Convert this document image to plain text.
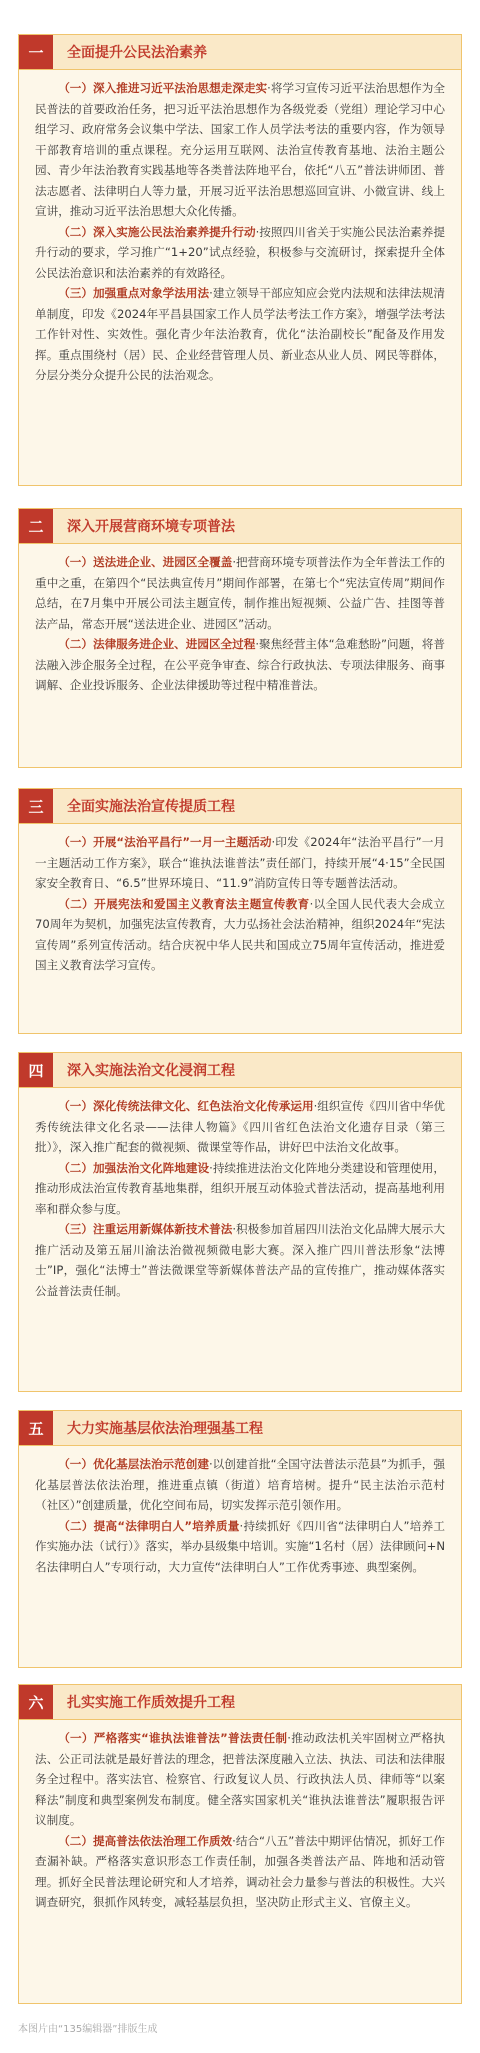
一	全面提升公民法治素养

（一）深入推进习近平法治思想走深走实·将学习宣传习近平法治思想作为全民普法的首要政治任务，把习近平法治思想作为各级党委（党组）理论学习中心组学习、政府常务会议集中学法、国家工作人员学法考法的重要内容，作为领导干部教育培训的重点课程。充分运用互联网、法治宣传教育基地、法治主题公园、青少年法治教育实践基地等各类普法阵地平台，依托“八五”普法讲师团、普法志愿者、法律明白人等力量，开展习近平法治思想巡回宣讲、小微宣讲、线上宣讲，推动习近平法治思想大众化传播。

（二）深入实施公民法治素养提升行动·按照四川省关于实施公民法治素养提升行动的要求，学习推广“1+20”试点经验，积极参与交流研讨，探索提升全体公民法治意识和法治素养的有效路径。

（三）加强重点对象学法用法·建立领导干部应知应会党内法规和法律法规清单制度，印发《2024年平昌县国家工作人员学法考法工作方案》，增强学法考法工作针对性、实效性。强化青少年法治教育，优化“法治副校长”配备及作用发挥。重点围绕村（居）民、企业经营管理人员、新业态从业人员、网民等群体，分层分类分众提升公民的法治观念。

二	深入开展营商环境专项普法

（一）送法进企业、进园区全覆盖·把营商环境专项普法作为全年普法工作的重中之重，在第四个“民法典宣传月”期间作部署，在第七个“宪法宣传周”期间作总结，在7月集中开展公司法主题宣传，制作推出短视频、公益广告、挂图等普法产品，常态开展“送法进企业、进园区”活动。

（二）法律服务进企业、进园区全过程·聚焦经营主体“急难愁盼”问题，将普法融入涉企服务全过程，在公平竞争审查、综合行政执法、专项法律服务、商事调解、企业投诉服务、企业法律援助等过程中精准普法。

三	全面实施法治宣传提质工程

（一）开展“法治平昌行”一月一主题活动·印发《2024年“法治平昌行”一月一主题活动工作方案》，联合“谁执法谁普法”责任部门，持续开展“4·15”全民国家安全教育日、“6.5”世界环境日、“11.9”消防宣传日等专题普法活动。

（二）开展宪法和爱国主义教育法主题宣传教育·以全国人民代表大会成立70周年为契机，加强宪法宣传教育，大力弘扬社会法治精神，组织2024年“宪法宣传周”系列宣传活动。结合庆祝中华人民共和国成立75周年宣传活动，推进爱国主义教育法学习宣传。

四	深入实施法治文化浸润工程

（一）深化传统法律文化、红色法治文化传承运用·组织宣传《四川省中华优秀传统法律文化名录——法律人物篇》《四川省红色法治文化遗存目录（第三批）》，深入推广配套的微视频、微课堂等作品，讲好巴中法治文化故事。

（二）加强法治文化阵地建设·持续推进法治文化阵地分类建设和管理使用，推动形成法治宣传教育基地集群，组织开展互动体验式普法活动，提高基地利用率和群众参与度。

（三）注重运用新媒体新技术普法·积极参加首届四川法治文化品牌大展示大推广活动及第五届川渝法治微视频微电影大赛。深入推广四川普法形象“法博士”IP，强化“法博士”普法微课堂等新媒体普法产品的宣传推广，推动媒体落实公益普法责任制。

五	大力实施基层依法治理强基工程

（一）优化基层法治示范创建·以创建首批“全国守法普法示范县”为抓手，强化基层普法依法治理，推进重点镇（街道）培育培树。提升“民主法治示范村（社区）”创建质量，优化空间布局，切实发挥示范引领作用。

（二）提高“法律明白人”培养质量·持续抓好《四川省“法律明白人”培养工作实施办法（试行）》落实，举办县级集中培训。实施“1名村（居）法律顾问+N名法律明白人”专项行动，大力宣传“法律明白人”工作优秀事迹、典型案例。

六	扎实实施工作质效提升工程

（一）严格落实“谁执法谁普法”普法责任制·推动政法机关牢固树立严格执法、公正司法就是最好普法的理念，把普法深度融入立法、执法、司法和法律服务全过程中。落实法官、检察官、行政复议人员、行政执法人员、律师等“以案释法”制度和典型案例发布制度。健全落实国家机关“谁执法谁普法”履职报告评议制度。

（二）提高普法依法治理工作质效·结合“八五”普法中期评估情况，抓好工作查漏补缺。严格落实意识形态工作责任制，加强各类普法产品、阵地和活动管理。抓好全民普法理论研究和人才培养，调动社会力量参与普法的积极性。大兴调查研究，狠抓作风转变，减轻基层负担，坚决防止形式主义、官僚主义。

本图片由“135编辑器”排版生成
